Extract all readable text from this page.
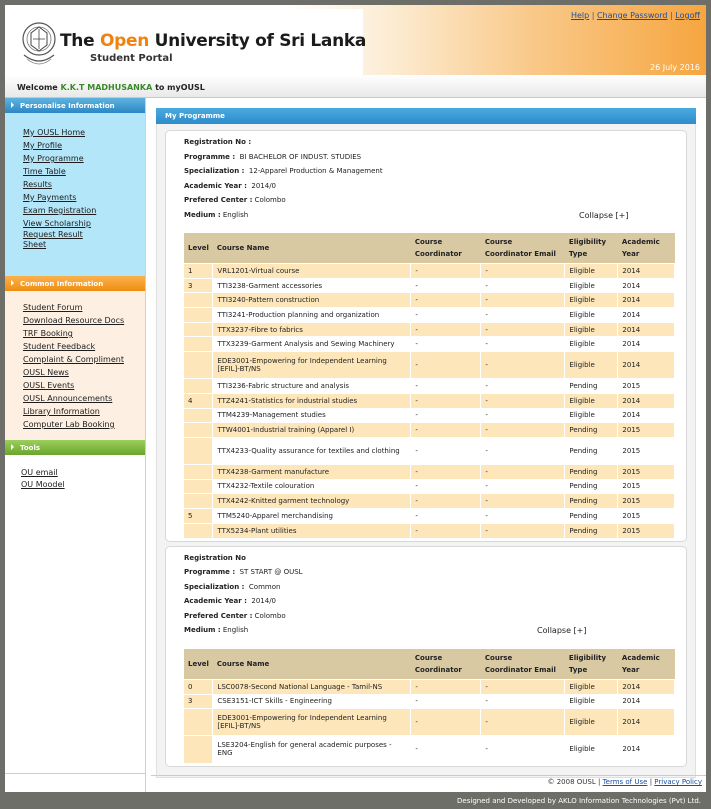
The Open University of Sri Lanka
Student Portal
Help | Change Password | Logoff
26 July 2016
Welcome K.K.T MADHUSANKA to myOUSL
Personalise Information
My OUSL Home
My Profile
My Programme
Time Table
Results
My Payments
Exam Registration
View Scholarship
Request Result
Sheet
Common Information
Student Forum
Download Resource Docs
TRF Booking
Student Feedback
Complaint & Compliment
OUSL News
OUSL Events
OUSL Announcements
Library Information
Computer Lab Booking
Tools
OU email
OU Moodel
My Programme
Registration No :
Programme : BI BACHELOR OF INDUST. STUDIES
Specialization : 12-Apparel Production & Management
Academic Year : 2014/0
Prefered Center : Colombo
Medium : English	Collapse [+]
Level	Course Name	Course Coordinator	Course Coordinator Email	Eligibility Type	Academic Year
1	VRL1201-Virtual course	-	-	Eligible	2014
3	TTI3238-Garment accessories	-	-	Eligible	2014
	TTI3240-Pattern construction	-	-	Eligible	2014
	TTI3241-Production planning and organization	-	-	Eligible	2014
	TTX3237-Fibre to fabrics	-	-	Eligible	2014
	TTX3239-Garment Analysis and Sewing Machinery	-	-	Eligible	2014
	EDE3001-Empowering for Independent Learning [EFIL]-BT/NS	-	-	Eligible	2014
	TTI3236-Fabric structure and analysis	-	-	Pending	2015
4	TTZ4241-Statistics for industrial studies	-	-	Eligible	2014
	TTM4239-Management studies	-	-	Eligible	2014
	TTW4001-Industrial training (Apparel I)	-	-	Pending	2015
	TTX4233-Quality assurance for textiles and clothing	-	-	Pending	2015
	TTX4238-Garment manufacture	-	-	Pending	2015
	TTX4232-Textile colouration	-	-	Pending	2015
	TTX4242-Knitted garment technology	-	-	Pending	2015
5	TTM5240-Apparel merchandising	-	-	Pending	2015
	TTX5234-Plant utilities	-	-	Pending	2015
Registration No
Programme : ST START @ OUSL
Specialization : Common
Academic Year : 2014/0
Prefered Center : Colombo
Medium : English	Collapse [+]
Level	Course Name	Course Coordinator	Course Coordinator Email	Eligibility Type	Academic Year
0	LSC0078-Second National Language - Tamil-NS	-	-	Eligible	2014
3	CSE3151-ICT Skills - Engineering	-	-	Eligible	2014
	EDE3001-Empowering for Independent Learning [EFIL]-BT/NS	-	-	Eligible	2014
	LSE3204-English for general academic purposes - ENG	-	-	Eligible	2014
© 2008 OUSL | Terms of Use | Privacy Policy
Designed and Developed by AKLO Information Technologies (Pvt) Ltd.
